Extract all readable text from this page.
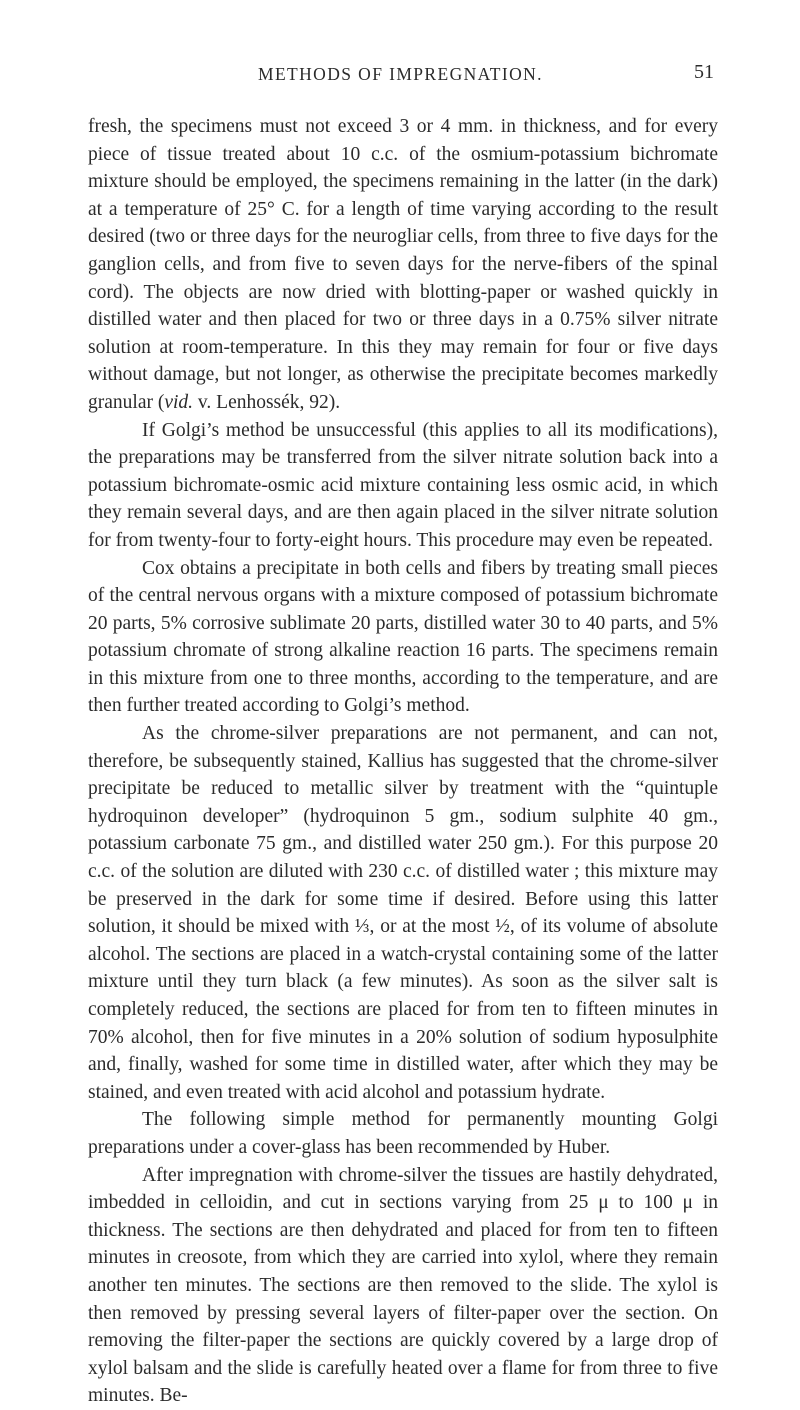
METHODS OF IMPREGNATION.	51

fresh, the specimens must not exceed 3 or 4 mm. in thickness, and for every piece of tissue treated about 10 c.c. of the osmium-potassium bichromate mixture should be employed, the specimens remaining in the latter (in the dark) at a temperature of 25° C. for a length of time varying according to the result desired (two or three days for the neurogliar cells, from three to five days for the ganglion cells, and from five to seven days for the nerve-fibers of the spinal cord). The objects are now dried with blotting-paper or washed quickly in distilled water and then placed for two or three days in a 0.75% silver nitrate solution at room-temperature. In this they may remain for four or five days without damage, but not longer, as otherwise the precipitate becomes markedly granular (vid. v. Lenhossék, 92).

If Golgi’s method be unsuccessful (this applies to all its modifications), the preparations may be transferred from the silver nitrate solution back into a potassium bichromate-osmic acid mixture containing less osmic acid, in which they remain several days, and are then again placed in the silver nitrate solution for from twenty-four to forty-eight hours. This procedure may even be repeated.

Cox obtains a precipitate in both cells and fibers by treating small pieces of the central nervous organs with a mixture composed of potassium bichromate 20 parts, 5% corrosive sublimate 20 parts, distilled water 30 to 40 parts, and 5% potassium chromate of strong alkaline reaction 16 parts. The specimens remain in this mixture from one to three months, according to the temperature, and are then further treated according to Golgi’s method.

As the chrome-silver preparations are not permanent, and can not, therefore, be subsequently stained, Kallius has suggested that the chrome-silver precipitate be reduced to metallic silver by treatment with the “quintuple hydroquinon developer” (hydroquinon 5 gm., sodium sulphite 40 gm., potassium carbonate 75 gm., and distilled water 250 gm.). For this purpose 20 c.c. of the solution are diluted with 230 c.c. of distilled water ; this mixture may be preserved in the dark for some time if desired. Before using this latter solution, it should be mixed with ⅓, or at the most ½, of its volume of absolute alcohol. The sections are placed in a watch-crystal containing some of the latter mixture until they turn black (a few minutes). As soon as the silver salt is completely reduced, the sections are placed for from ten to fifteen minutes in 70% alcohol, then for five minutes in a 20% solution of sodium hyposulphite and, finally, washed for some time in distilled water, after which they may be stained, and even treated with acid alcohol and potassium hydrate.

The following simple method for permanently mounting Golgi preparations under a cover-glass has been recommended by Huber.

After impregnation with chrome-silver the tissues are hastily dehydrated, imbedded in celloidin, and cut in sections varying from 25 μ to 100 μ in thickness. The sections are then dehydrated and placed for from ten to fifteen minutes in creosote, from which they are carried into xylol, where they remain another ten minutes. The sections are then removed to the slide. The xylol is then removed by pressing several layers of filter-paper over the section. On removing the filter-paper the sections are quickly covered by a large drop of xylol balsam and the slide is carefully heated over a flame for from three to five minutes. Be-
